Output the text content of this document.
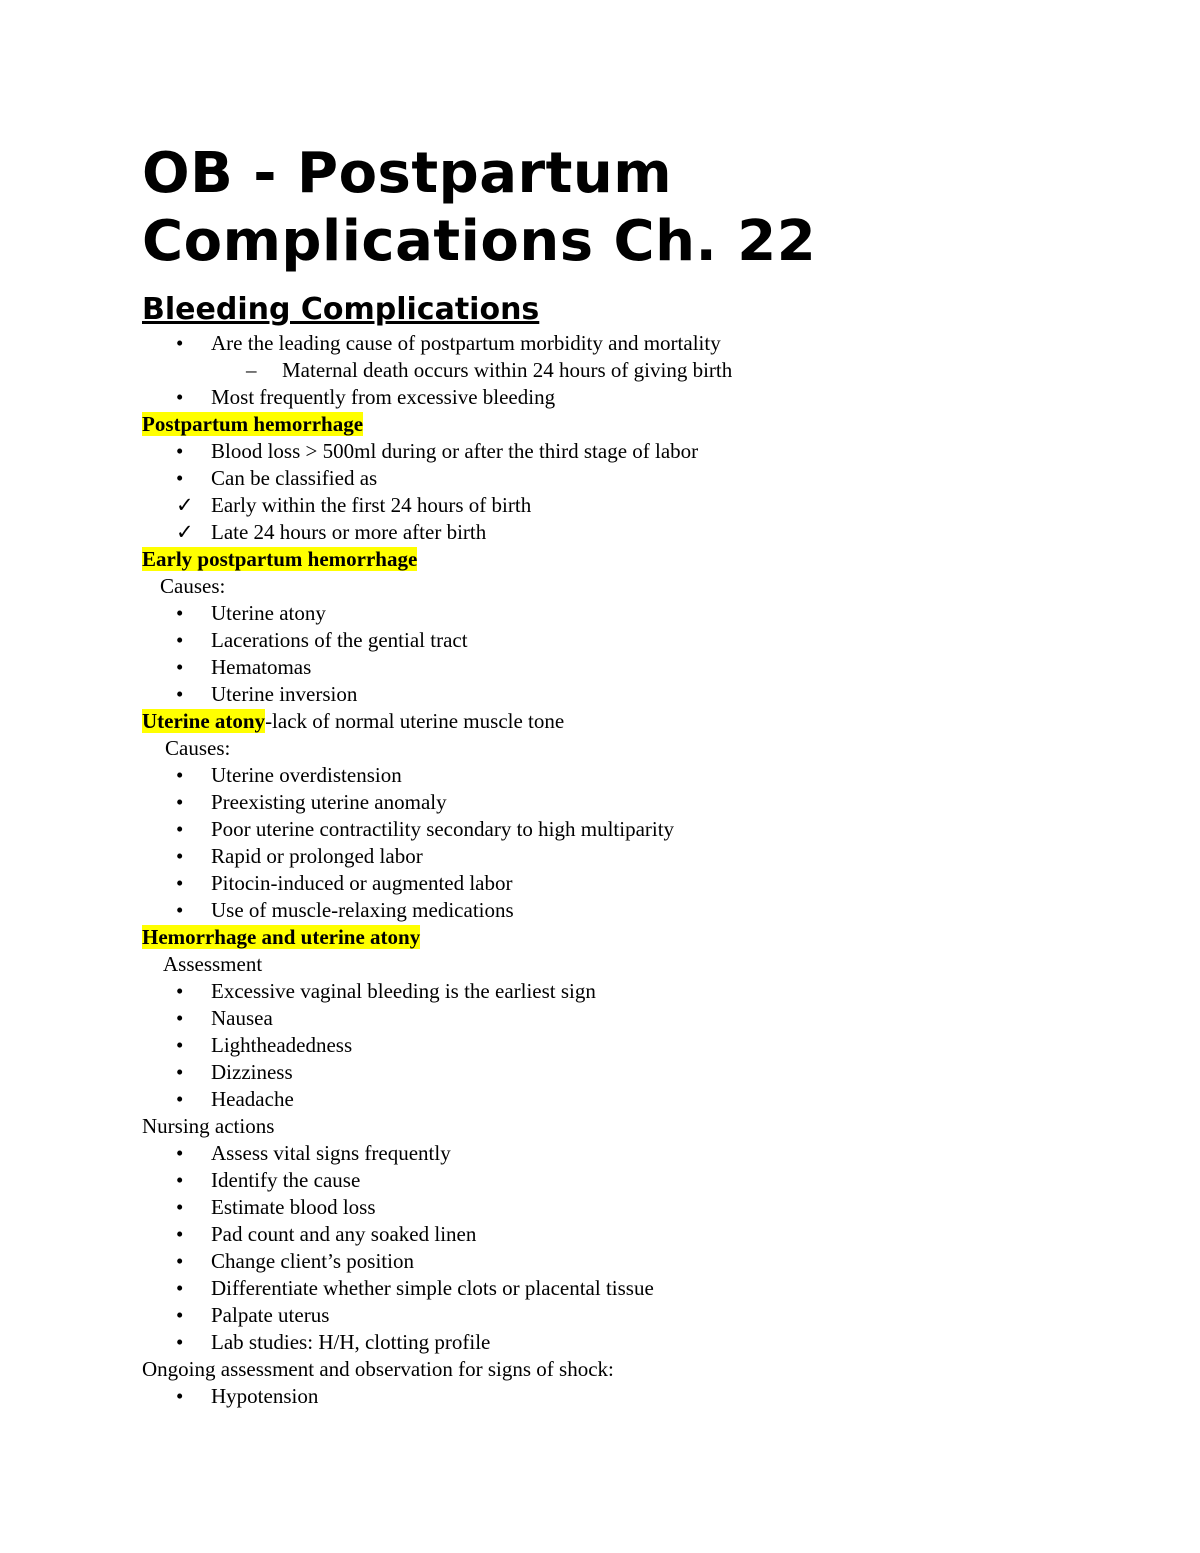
OB - Postpartum
Complications Ch. 22
Bleeding Complications
•	Are the leading cause of postpartum morbidity and mortality
–	Maternal death occurs within 24 hours of giving birth
•	Most frequently from excessive bleeding
Postpartum hemorrhage
•	Blood loss > 500ml during or after the third stage of labor
•	Can be classified as
✓ Early within the first 24 hours of birth
✓ Late 24 hours or more after birth
Early postpartum hemorrhage
Causes:
•	Uterine atony
•	Lacerations of the gential tract
•	Hematomas
•	Uterine inversion
Uterine atony-lack of normal uterine muscle tone
Causes:
•	Uterine overdistension
•	Preexisting uterine anomaly
•	Poor uterine contractility secondary to high multiparity
•	Rapid or prolonged labor
•	Pitocin-induced or augmented labor
•	Use of muscle-relaxing medications
Hemorrhage and uterine atony
Assessment
•	Excessive vaginal bleeding is the earliest sign
•	Nausea
•	Lightheadedness
•	Dizziness
•	Headache
Nursing actions
•	Assess vital signs frequently
•	Identify the cause
•	Estimate blood loss
•	Pad count and any soaked linen
•	Change client’s position
•	Differentiate whether simple clots or placental tissue
•	Palpate uterus
•	Lab studies: H/H, clotting profile
Ongoing assessment and observation for signs of shock:
•	Hypotension
